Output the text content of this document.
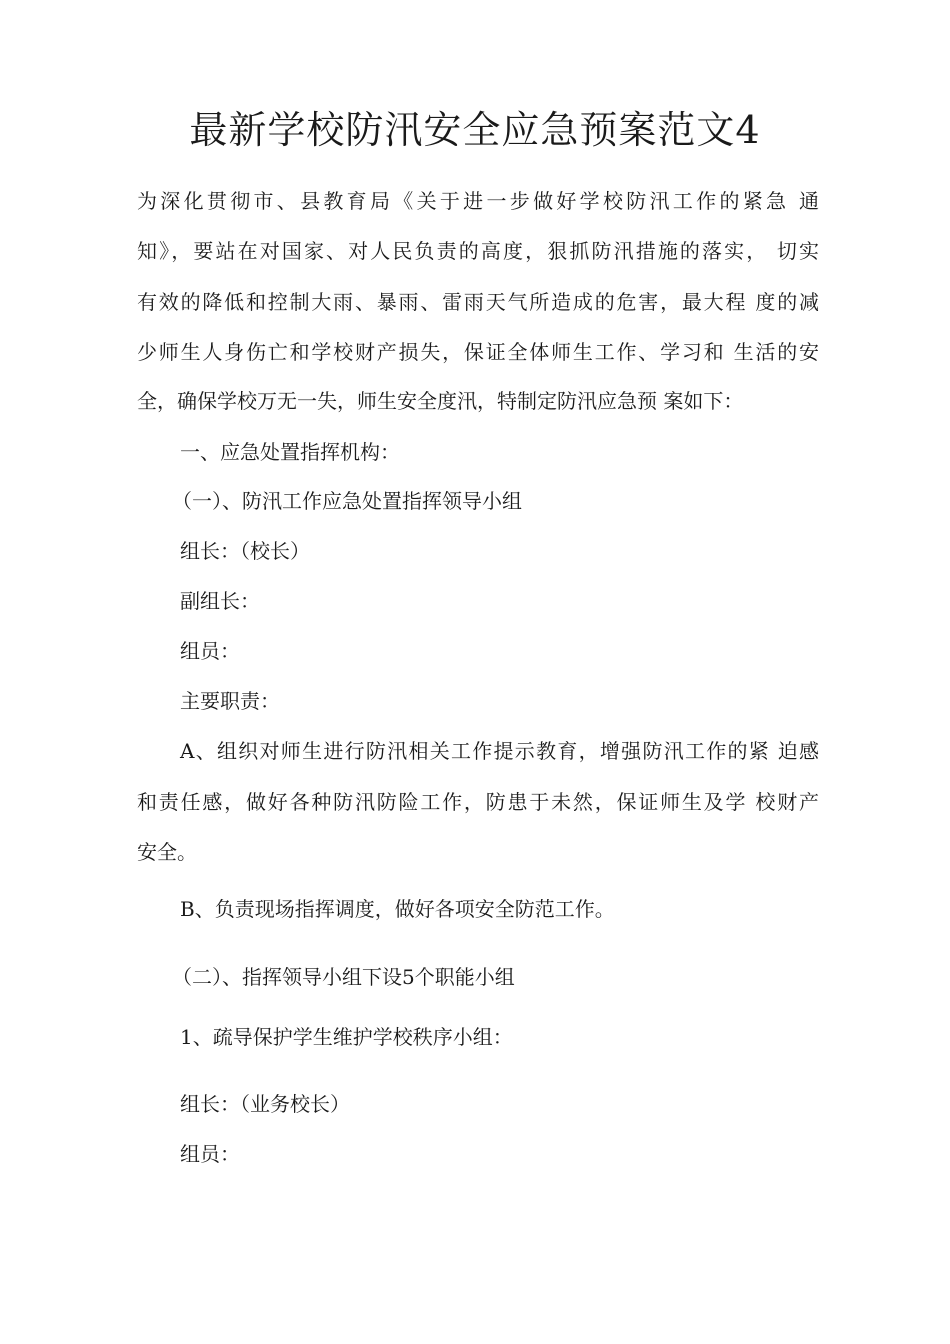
最新学校防汛安全应急预案范文4
为深化贯彻市、县教育局《关于进一步做好学校防汛工作的紧急 通
知》，要站在对国家、对人民负责的高度，狠抓防汛措施的落实， 切实
有效的降低和控制大雨、暴雨、雷雨天气所造成的危害，最大程 度的减
少师生人身伤亡和学校财产损失，保证全体师生工作、学习和 生活的安
全，确保学校万无一失，师生安全度汛，特制定防汛应急预 案如下：
一、应急处置指挥机构：
（一）、防汛工作应急处置指挥领导小组
组长：（校长）
副组长：
组员：
主要职责：
A、组织对师生进行防汛相关工作提示教育，增强防汛工作的紧 迫感
和责任感，做好各种防汛防险工作，防患于未然，保证师生及学 校财产
安全。
B、负责现场指挥调度，做好各项安全防范工作。
（二）、指挥领导小组下设5个职能小组
1、疏导保护学生维护学校秩序小组：
组长：（业务校长）
组员：
